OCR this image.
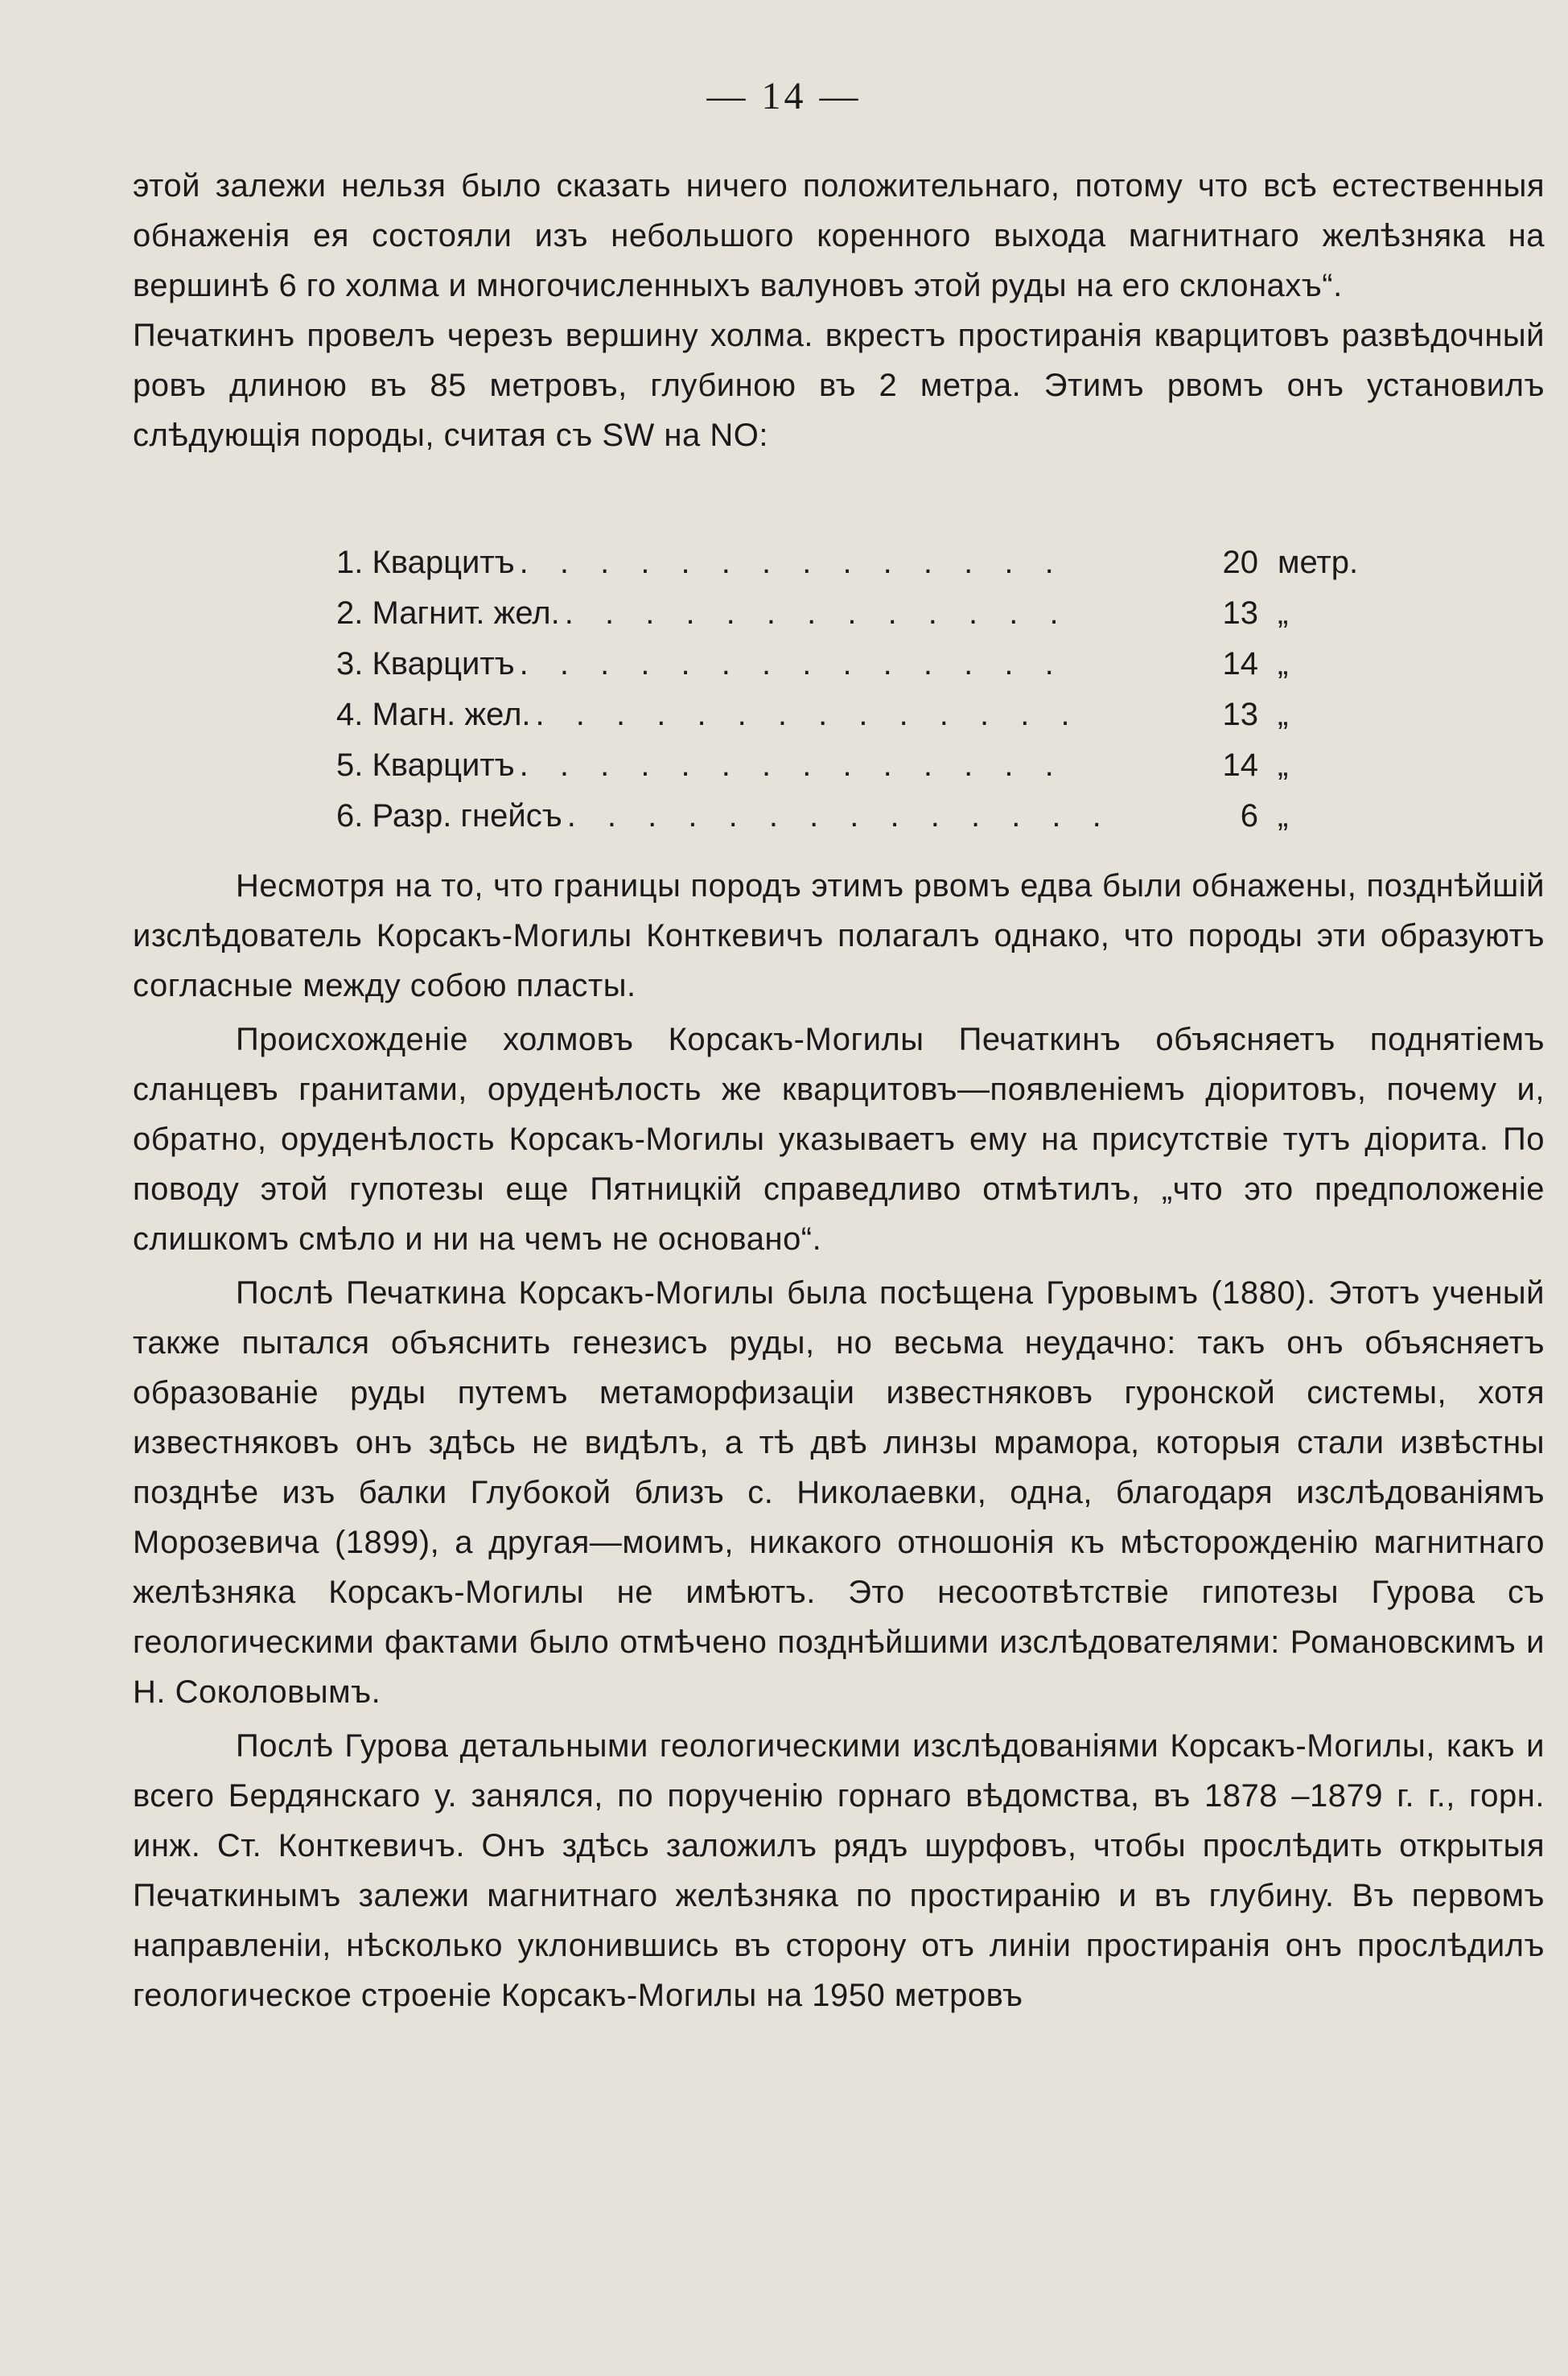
— 14 —

этой залежи нельзя было сказать ничего положительнаго, потому что всѣ естественныя обнаженія ея состояли изъ небольшого коренного выхода магнитнаго желѣзняка на вершинѣ 6 го холма и многочисленныхъ валуновъ этой руды на его склонахъ“.

Печаткинъ провелъ черезъ вершину холма. вкрестъ простиранія кварцитовъ развѣдочный ровъ длиною въ 85 метровъ, глубиною въ 2 метра. Этимъ рвомъ онъ установилъ слѣдующія породы, считая съ SW на NO:

1. Кварцитъ . . . . . . . . . . . . . .	20 метр.
2. Магнит. жел. . . . . . . . . . . . . .	13 „
3. Кварцитъ . . . . . . . . . . . . . .	14 „
4. Магн. жел. . . . . . . . . . . . . . .	13 „
5. Кварцитъ . . . . . . . . . . . . . .	14 „
6. Разр. гнейсъ . . . . . . . . . . . . . .	6 „

Несмотря на то, что границы породъ этимъ рвомъ едва были обнажены, позднѣйшій изслѣдователь Корсакъ-Могилы Конткевичъ полагалъ однако, что породы эти образуютъ согласные между собою пласты.

Происхожденіе холмовъ Корсакъ-Могилы Печаткинъ объясняетъ поднятіемъ сланцевъ гранитами, оруденѣлость же кварцитовъ—появленіемъ діоритовъ, почему и, обратно, оруденѣлость Корсакъ-Могилы указываетъ ему на присутствіе тутъ діорита. По поводу этой гупотезы еще Пятницкій справедливо отмѣтилъ, „что это предположеніе слишкомъ смѣло и ни на чемъ не основано“.

Послѣ Печаткина Корсакъ-Могилы была посѣщена Гуровымъ (1880). Этотъ ученый также пытался объяснить генезисъ руды, но весьма неудачно: такъ онъ объясняетъ образованіе руды путемъ метаморфизаціи известняковъ гуронской системы, хотя известняковъ онъ здѣсь не видѣлъ, а тѣ двѣ линзы мрамора, которыя стали извѣстны позднѣе изъ балки Глубокой близъ с. Николаевки, одна, благодаря изслѣдованіямъ Морозевича (1899), а другая—моимъ, никакого отношонія къ мѣсторожденію магнитнаго желѣзняка Корсакъ-Могилы не имѣютъ. Это несоотвѣтствіе гипотезы Гурова съ геологическими фактами было отмѣчено позднѣйшими изслѣдователями: Романовскимъ и Н. Соколовымъ.

Послѣ Гурова детальными геологическими изслѣдованіями Корсакъ-Могилы, какъ и всего Бердянскаго у. занялся, по порученію горнаго вѣдомства, въ 1878 –1879 г. г., горн. инж. Ст. Конткевичъ. Онъ здѣсь заложилъ рядъ шурфовъ, чтобы прослѣдить открытыя Печаткинымъ залежи магнитнаго желѣзняка по простиранію и въ глубину. Въ первомъ направленіи, нѣсколько уклонившись въ сторону отъ линіи простиранія онъ прослѣдилъ геологическое строеніе Корсакъ-Могилы на 1950 метровъ
